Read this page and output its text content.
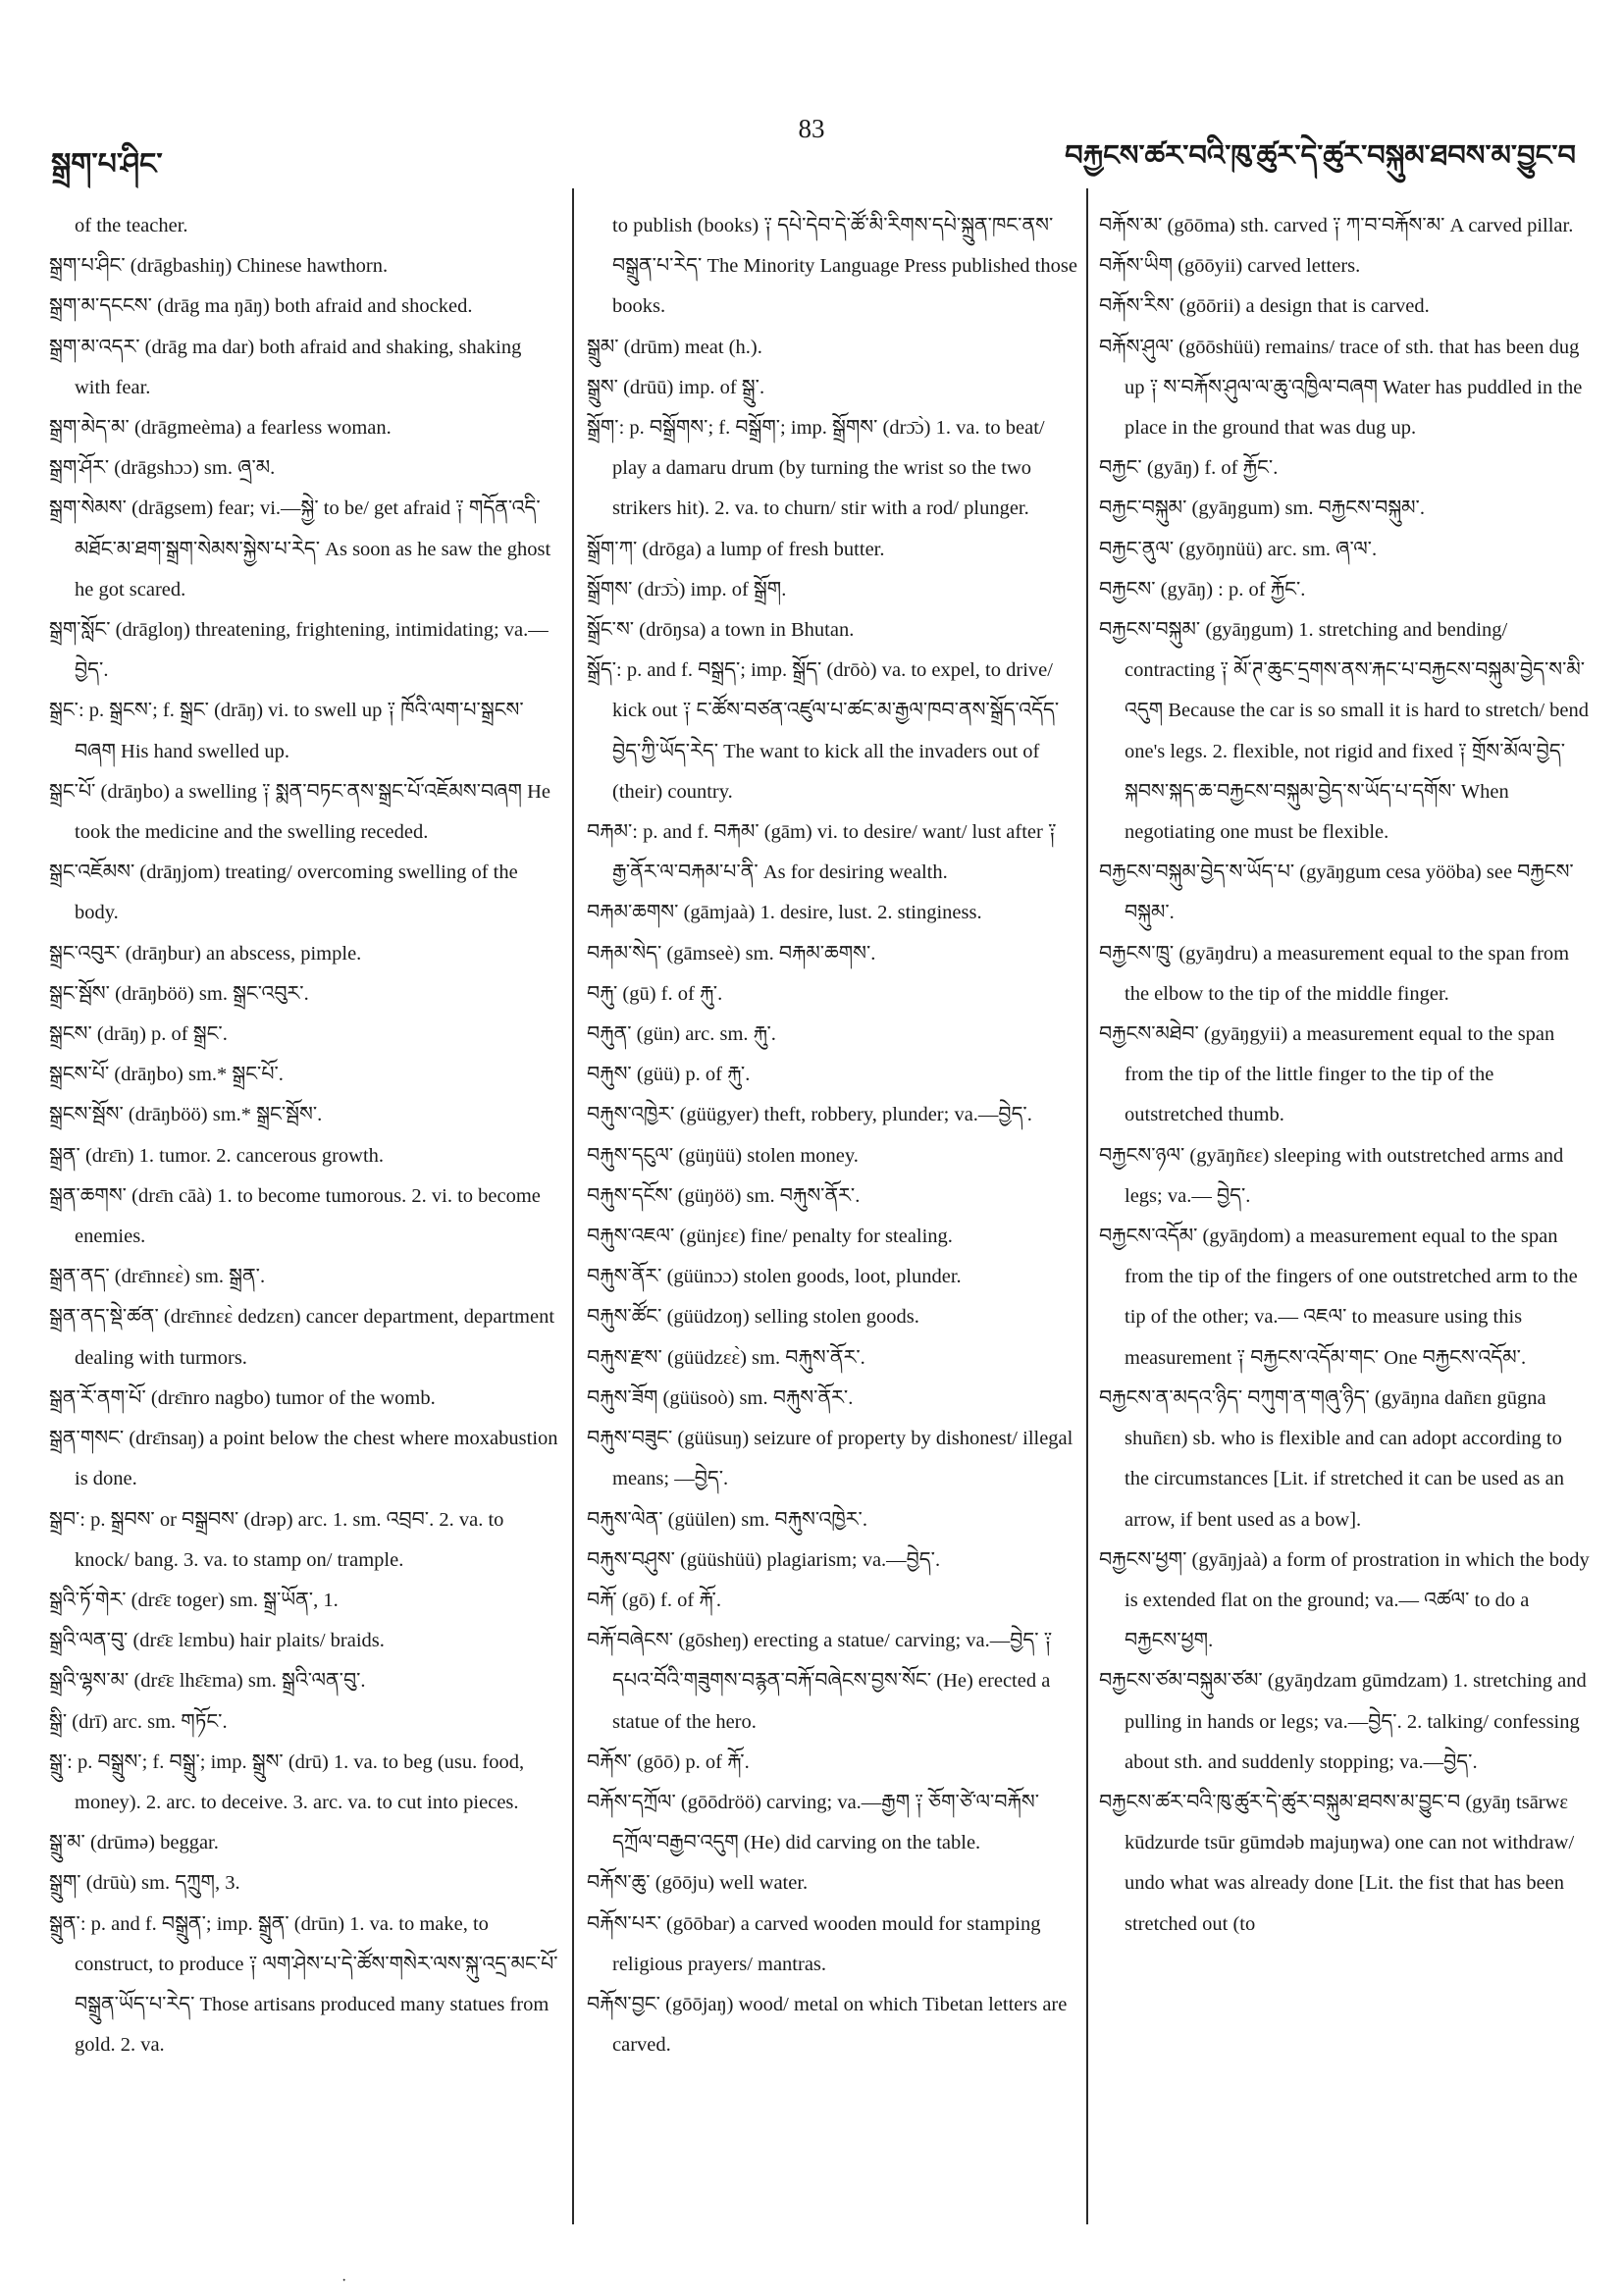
སྒྲག་པ་ཤིང་
83
བརྐྱངས་ཚར་བའི་ཁུ་ཚུར་དེ་ཚུར་བསྐུམ་ཐབས་མ་བྱུང་བ

of the teacher.

སྒྲག་པ་ཤིང་ (drāgbashiŋ) Chinese hawthorn.

སྒྲག་མ་དངངས་ (drāg ma ŋāŋ) both afraid and shocked.

སྒྲག་མ་འདར་ (drāg ma dar) both afraid and shaking, shaking with fear.

སྒྲག་མེད་མ་ (drāgmeèma) a fearless woman.

སྒྲག་ཤོར་ (drāgshɔɔ) sm. ཞྲ་མ.

སྒྲག་སེམས་ (drāgsem) fear; vi.—སྐྱེ་ to be/ get afraid ༑ གདོན་འདི་མཐོང་མ་ཐག་སྒྲག་སེམས་སྐྱེས་པ་རེད་ As soon as he saw the ghost he got scared.

སྒྲག་སློང་ (drāgloŋ) threatening, frightening, intimidating; va.—བྱེད་.

སྒྲང་: p. སྒྲངས་; f. སྒྲང་ (drāŋ) vi. to swell up ༑ ཁོའི་ལག་པ་སྒྲངས་བཞག His hand swelled up.

སྒྲང་པོ་ (drāŋbo) a swelling ༑ སྨན་བཏང་ནས་སྒྲང་པོ་འཇོམས་བཞག He took the medicine and the swelling receded.

སྒྲང་འཇོམས་ (drāŋjom) treating/ overcoming swelling of the body.

སྒྲང་འབུར་ (drāŋbur) an abscess, pimple.

སྒྲང་སྦོས་ (drāŋböö) sm. སྒྲང་འབུར་.

སྒྲངས་ (drāŋ) p. of སྒྲང་.

སྒྲངས་པོ་ (drāŋbo) sm.* སྒྲང་པོ་.

སྒྲངས་སྦོས་ (drāŋböö) sm.* སྒྲང་སྦོས་.

སྒྲན་ (drɛ̄n) 1. tumor. 2. cancerous growth.

སྒྲན་ཆགས་ (drɛ̄n cāà) 1. to become tumorous. 2. vi. to become enemies.

སྒྲན་ནད་ (drɛ̄nnɛɛ̀) sm. སྒྲན་.

སྒྲན་ནད་སྡེ་ཚན་ (drɛ̄nnɛɛ̀ dedzɛn) cancer department, department dealing with turmors.

སྒྲན་རོ་ནག་པོ་ (drɛ̄nro nagbo) tumor of the womb.

སྒྲན་གསང་ (drɛ̄nsaŋ) a point below the chest where moxabustion is done.

སྒྲབ་: p. སྒྲབས་ or བསྒྲབས་ (drəp) arc. 1. sm. འབྲབ་. 2. va. to knock/ bang. 3. va. to stamp on/ trample.

སྒྲའི་ཏོ་གེར་ (drɛ̄ɛ toger) sm. སྒྲ་ཡོན་, 1.

སྒྲའི་ལན་བུ་ (drɛ̄ɛ lɛmbu) hair plaits/ braids.

སྒྲའི་ལྷས་མ་ (drɛ̄ɛ lhɛ̄ɛma) sm. སྒྲའི་ལན་བུ་.

སྒྲི་ (drī) arc. sm. གཏོང་.

སྒྲུ་: p. བསྒྲུས་; f. བསྒྲུ་; imp. སྒྲུས་ (drū) 1. va. to beg (usu. food, money). 2. arc. to deceive. 3. arc. va. to cut into pieces.

སྒྲུ་མ་ (drūmə) beggar.

སྒྲུག་ (drūù) sm. དཀྲུག, 3.

སྒྲུན་: p. and f. བསྒྲུན་; imp. སྒྲུན་ (drūn) 1. va. to make, to construct, to produce ༑ ལག་ཤེས་པ་དེ་ཚོས་གསེར་ལས་སྐུ་འདྲ་མང་པོ་བསྒྲུན་ཡོད་པ་རེད་ Those artisans produced many statues from gold. 2. va.

to publish (books) ༑ དཔེ་དེབ་དེ་ཚོ་མི་རིགས་དཔེ་སྐྲུན་ཁང་ནས་བསྒྲུན་པ་རེད་ The Minority Language Press published those books.

སྒྲུམ་ (drūm) meat (h.).

སྒྲུས་ (drūū) imp. of སྒྲུ་.

སྒྲོག་: p. བསྒྲོགས་; f. བསྒྲོག་; imp. སྒྲོགས་ (drɔ̄ɔ̀) 1. va. to beat/ play a damaru drum (by turning the wrist so the two strikers hit). 2. va. to churn/ stir with a rod/ plunger.

སྒྲོག་ཀ་ (drōga) a lump of fresh butter.

སྒྲོགས་ (drɔ̄ɔ̀) imp. of སྒྲོག.

སྒྲོང་ས་ (drōŋsa) a town in Bhutan.

སྒྲོད་: p. and f. བསྒྲད་; imp. སྒྲོད་ (drōò) va. to expel, to drive/ kick out ༑ ང་ཚོས་བཙན་འཛུལ་པ་ཚང་མ་རྒྱལ་ཁབ་ནས་སྒྲོད་འདོད་བྱེད་ཀྱི་ཡོད་རེད་ The want to kick all the invaders out of (their) country.

བརྐམ་: p. and f. བརྐམ་ (gām) vi. to desire/ want/ lust after ༑ རྒྱ་ནོར་ལ་བརྐམ་པ་ནི་ As for desiring wealth.

བརྐམ་ཆགས་ (gāmjaà) 1. desire, lust. 2. stinginess.

བརྐམ་སེད་ (gāmseè) sm. བརྐམ་ཆགས་.

བརྐུ་ (gū) f. of རྐུ་.

བརྐུན་ (gün) arc. sm. རྐུ་.

བརྐུས་ (güü) p. of རྐུ་.

བརྐུས་འཁྱེར་ (güügyer) theft, robbery, plunder; va.—བྱེད་.

བརྐུས་དངུལ་ (güŋüü) stolen money.

བརྐུས་དངོས་ (güŋöö) sm. བརྐུས་ནོར་.

བརྐུས་འཇལ་ (günjɛɛ) fine/ penalty for stealing.

བརྐུས་ནོར་ (güünɔɔ) stolen goods, loot, plunder.

བརྐུས་ཚོང་ (güüdzoŋ) selling stolen goods.

བརྐུས་རྫས་ (güüdzɛɛ̀) sm. བརྐུས་ནོར་.

བརྐུས་ཟོག (güüsoò) sm. བརྐུས་ནོར་.

བརྐུས་བཟུང་ (güüsuŋ) seizure of property by dishonest/ illegal means; —བྱེད་.

བརྐུས་ལེན་ (güülen) sm. བརྐུས་འཁྱེར་.

བརྐུས་བཤུས་ (güüshüü) plagiarism; va.—བྱེད་.

བརྐོ་ (gō) f. of རྐོ་.

བརྐོ་བཞེངས་ (gōsheŋ) erecting a statue/ carving; va.—བྱེད་ ༑ དཔའ་བོའི་གཟུགས་བརྙན་བརྐོ་བཞེངས་བྱས་སོང་ (He) erected a statue of the hero.

བརྐོས་ (gōō) p. of རྐོ་.

བརྐོས་དཀྲོལ་ (gōōdröö) carving; va.—རྒྱག ༑ ཅོག་ཙེ་ལ་བརྐོས་དཀྲོལ་བརྒྱབ་འདུག (He) did carving on the table.

བརྐོས་ཆུ་ (gōōju) well water.

བརྐོས་པར་ (gōōbar) a carved wooden mould for stamping religious prayers/ mantras.

བརྐོས་བྱང་ (gōōjaŋ) wood/ metal on which Tibetan letters are carved.

བརྐོས་མ་ (gōōma) sth. carved ༑ ཀ་བ་བརྐོས་མ་ A carved pillar.

བརྐོས་ཡིག (gōōyii) carved letters.

བརྐོས་རིས་ (gōōrii) a design that is carved.

བརྐོས་ཤུལ་ (gōōshüü) remains/ trace of sth. that has been dug up ༑ ས་བརྐོས་ཤུལ་ལ་ཆུ་འཁྱིལ་བཞག Water has puddled in the place in the ground that was dug up.

བརྐྱང་ (gyāŋ) f. of རྐྱོང་.

བརྐྱང་བསྐུམ་ (gyāŋgum) sm. བརྐྱངས་བསྐུམ་.

བརྐྱང་ནུལ་ (gyōŋnüü) arc. sm. ཞ་ལ་.

བརྐྱངས་ (gyāŋ) : p. of རྐྱོང་.

བརྐྱངས་བསྐུམ་ (gyāŋgum) 1. stretching and bending/ contracting ༑ མོ་ཊ་ཆུང་དྲགས་ནས་རྐང་པ་བརྐྱངས་བསྐུམ་བྱེད་ས་མི་འདུག Because the car is so small it is hard to stretch/ bend one's legs. 2. flexible, not rigid and fixed ༑ གྲོས་མོལ་བྱེད་སྐབས་སྐད་ཆ་བརྐྱངས་བསྐུམ་བྱེད་ས་ཡོད་པ་དགོས་ When negotiating one must be flexible.

བརྐྱངས་བསྐུམ་བྱེད་ས་ཡོད་པ་ (gyāŋgum cesa yööba) see བརྐྱངས་བསྐུམ་.

བརྐྱངས་ཁྲུ་ (gyāŋdru) a measurement equal to the span from the elbow to the tip of the middle finger.

བརྐྱངས་མཐེབ་ (gyāŋgyii) a measurement equal to the span from the tip of the little finger to the tip of the outstretched thumb.

བརྐྱངས་ཉལ་ (gyāŋñɛɛ) sleeping with outstretched arms and legs; va.— བྱེད་.

བརྐྱངས་འདོམ་ (gyāŋdom) a measurement equal to the span from the tip of the fingers of one outstretched arm to the tip of the other; va.— འཇལ་ to measure using this measurement ༑ བརྐྱངས་འདོམ་གང་ One བརྐྱངས་འདོམ་.

བརྐྱངས་ན་མདའ་ཉིད་ བཀུག་ན་གཞུ་ཉིད་ (gyāŋna dañɛn gūgna shuñɛn) sb. who is flexible and can adopt according to the circumstances [Lit. if stretched it can be used as an arrow, if bent used as a bow].

བརྐྱངས་ཕྱག་ (gyāŋjaà) a form of prostration in which the body is extended flat on the ground; va.— འཚལ་ to do a བརྐྱངས་ཕྱག.

བརྐྱངས་ཙམ་བསྐུམ་ཙམ་ (gyāŋdzam gūmdzam) 1. stretching and pulling in hands or legs; va.—བྱེད་. 2. talking/ confessing about sth. and suddenly stopping; va.—བྱེད་.

བརྐྱངས་ཚར་བའི་ཁུ་ཚུར་དེ་ཚུར་བསྐུམ་ཐབས་མ་བྱུང་བ (gyāŋ tsārwɛ kūdzurde tsūr gūmdəb majuŋwa) one can not withdraw/ undo what was already done [Lit. the fist that has been stretched out (to

·
